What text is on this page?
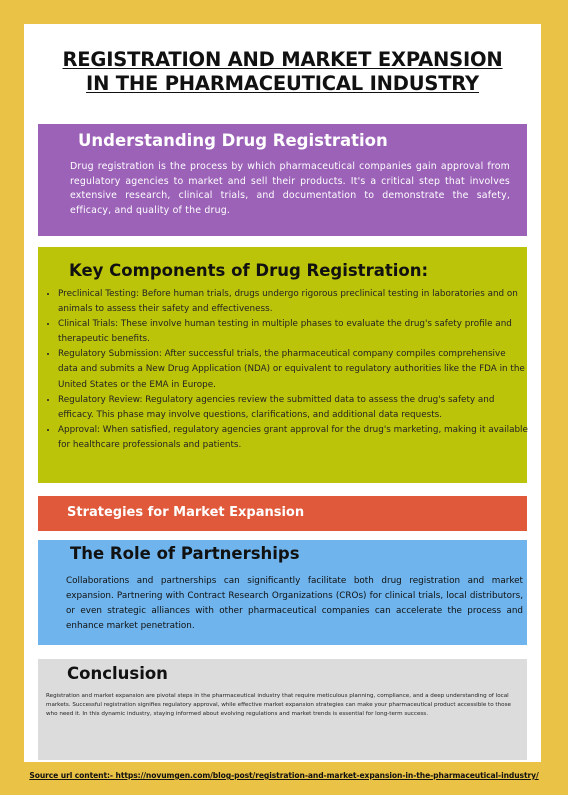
REGISTRATION AND MARKET EXPANSION
IN THE PHARMACEUTICAL INDUSTRY
Understanding Drug Registration

Drug registration is the process by which pharmaceutical companies gain approval from regulatory agencies to market and sell their products. It's a critical step that involves extensive research, clinical trials, and documentation to demonstrate the safety, efficacy, and quality of the drug.

Key Components of Drug Registration:
• Preclinical Testing: Before human trials, drugs undergo rigorous preclinical testing in laboratories and on animals to assess their safety and effectiveness.
• Clinical Trials: These involve human testing in multiple phases to evaluate the drug's safety profile and therapeutic benefits.
• Regulatory Submission: After successful trials, the pharmaceutical company compiles comprehensive data and submits a New Drug Application (NDA) or equivalent to regulatory authorities like the FDA in the United States or the EMA in Europe.
• Regulatory Review: Regulatory agencies review the submitted data to assess the drug's safety and efficacy. This phase may involve questions, clarifications, and additional data requests.
• Approval: When satisfied, regulatory agencies grant approval for the drug's marketing, making it available for healthcare professionals and patients.
Strategies for Market Expansion
The Role of Partnerships

Collaborations and partnerships can significantly facilitate both drug registration and market expansion. Partnering with Contract Research Organizations (CROs) for clinical trials, local distributors, or even strategic alliances with other pharmaceutical companies can accelerate the process and enhance market penetration.

Conclusion

Registration and market expansion are pivotal steps in the pharmaceutical industry that require meticulous planning, compliance, and a deep understanding of local markets. Successful registration signifies regulatory approval, while effective market expansion strategies can make your pharmaceutical product accessible to those who need it. In this dynamic industry, staying informed about evolving regulations and market trends is essential for long-term success.

Source url content:- https://novumgen.com/blog-post/registration-and-market-expansion-in-the-pharmaceutical-industry/
